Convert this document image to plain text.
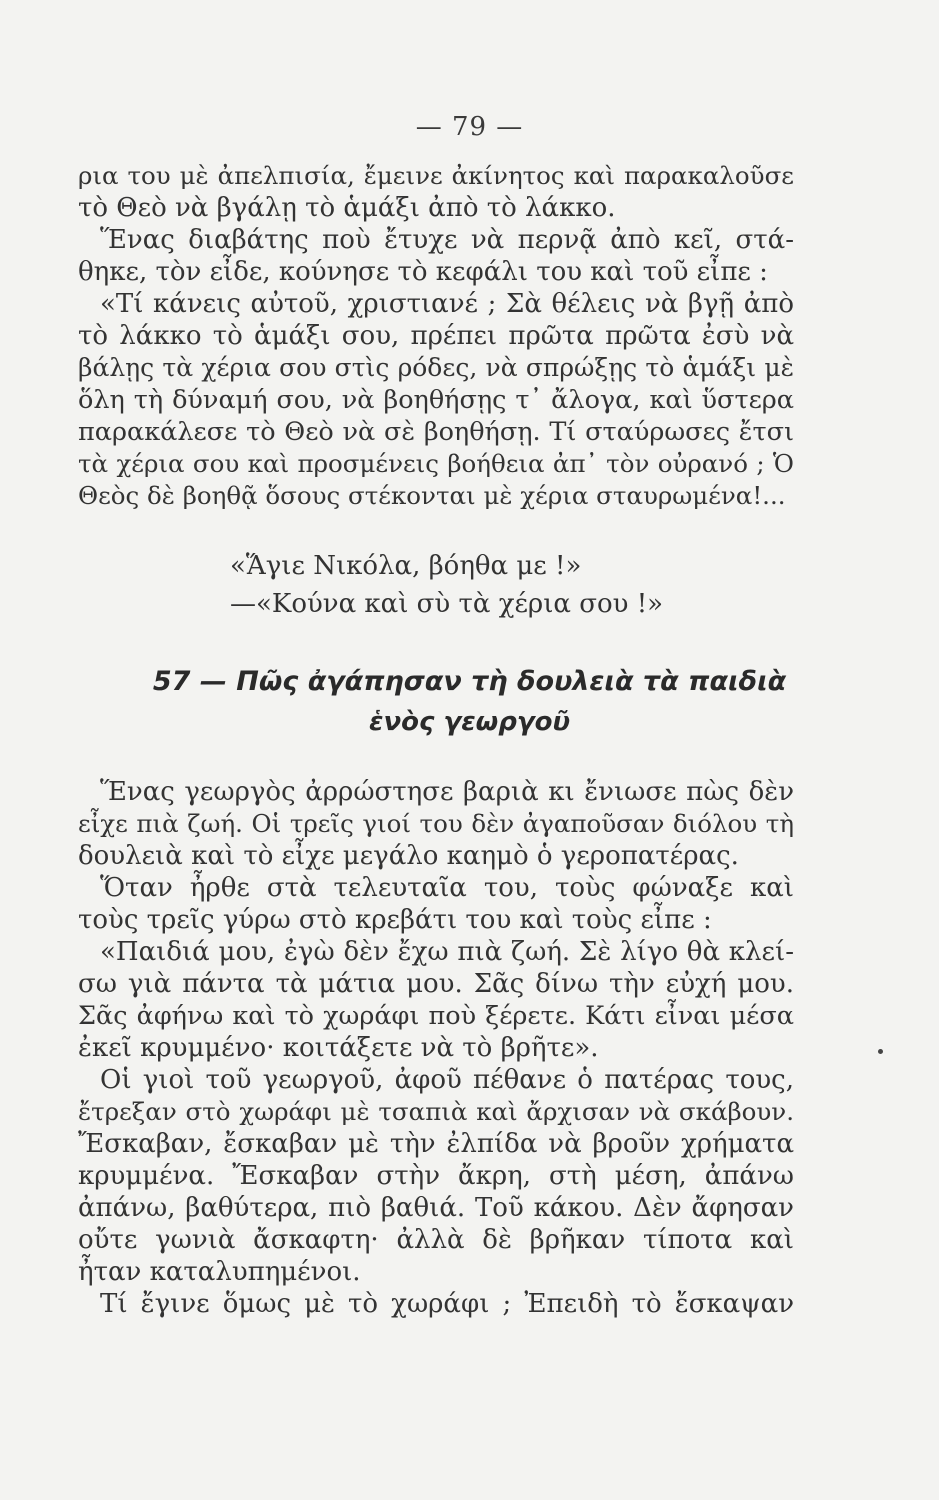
— 79 —
ρια του μὲ ἀπελπισία, ἔμεινε ἀκίνητος καὶ παρακαλοῦσε
τὸ Θεὸ νὰ βγάλῃ τὸ ἁμάξι ἀπὸ τὸ λάκκο.
Ἕνας διαβάτης ποὺ ἔτυχε νὰ περνᾷ ἀπὸ κεῖ, στά-
θηκε, τὸν εἶδε, κούνησε τὸ κεφάλι του καὶ τοῦ εἶπε :
«Τί κάνεις αὐτοῦ, χριστιανέ ; Σὰ θέλεις νὰ βγῇ ἀπὸ
τὸ λάκκο τὸ ἁμάξι σου, πρέπει πρῶτα πρῶτα ἐσὺ νὰ
βάλῃς τὰ χέρια σου στὶς ρόδες, νὰ σπρώξῃς τὸ ἁμάξι μὲ
ὅλη τὴ δύναμή σου, νὰ βοηθήσῃς τ᾿ ἄλογα, καὶ ὕστερα
παρακάλεσε τὸ Θεὸ νὰ σὲ βοηθήσῃ. Τί σταύρωσες ἔτσι
τὰ χέρια σου καὶ προσμένεις βοήθεια ἀπ᾿ τὸν οὐρανό ; Ὁ
Θεὸς δὲ βοηθᾷ ὅσους στέκονται μὲ χέρια σταυρωμένα!...
«Ἅγιε Νικόλα, βόηθα με !»
—«Κούνα καὶ σὺ τὰ χέρια σου !»
57 — Πῶς ἀγάπησαν τὴ δουλειὰ τὰ παιδιὰ
ἑνὸς γεωργοῦ
Ἕνας γεωργὸς ἀρρώστησε βαριὰ κι ἔνιωσε πὼς δὲν
εἶχε πιὰ ζωή. Οἱ τρεῖς γιοί του δὲν ἀγαποῦσαν διόλου τὴ
δουλειὰ καὶ τὸ εἶχε μεγάλο καημὸ ὁ γεροπατέρας.
Ὅταν ἦρθε στὰ τελευταῖα του, τοὺς φώναξε καὶ
τοὺς τρεῖς γύρω στὸ κρεβάτι του καὶ τοὺς εἶπε :
«Παιδιά μου, ἐγὼ δὲν ἔχω πιὰ ζωή. Σὲ λίγο θὰ κλεί-
σω γιὰ πάντα τὰ μάτια μου. Σᾶς δίνω τὴν εὐχή μου.
Σᾶς ἀφήνω καὶ τὸ χωράφι ποὺ ξέρετε. Κάτι εἶναι μέσα
ἐκεῖ κρυμμένο· κοιτάξετε νὰ τὸ βρῆτε».
Οἱ γιοὶ τοῦ γεωργοῦ, ἀφοῦ πέθανε ὁ πατέρας τους,
ἔτρεξαν στὸ χωράφι μὲ τσαπιὰ καὶ ἄρχισαν νὰ σκάβουν.
Ἔσκαβαν, ἔσκαβαν μὲ τὴν ἐλπίδα νὰ βροῦν χρήματα
κρυμμένα. Ἔσκαβαν στὴν ἄκρη, στὴ μέση, ἀπάνω
ἀπάνω, βαθύτερα, πιὸ βαθιά. Τοῦ κάκου. Δὲν ἄφησαν
οὔτε γωνιὰ ἄσκαφτη· ἀλλὰ δὲ βρῆκαν τίποτα καὶ
ἦταν καταλυπημένοι.
Τί ἔγινε ὅμως μὲ τὸ χωράφι ; Ἐπειδὴ τὸ ἔσκαψαν
